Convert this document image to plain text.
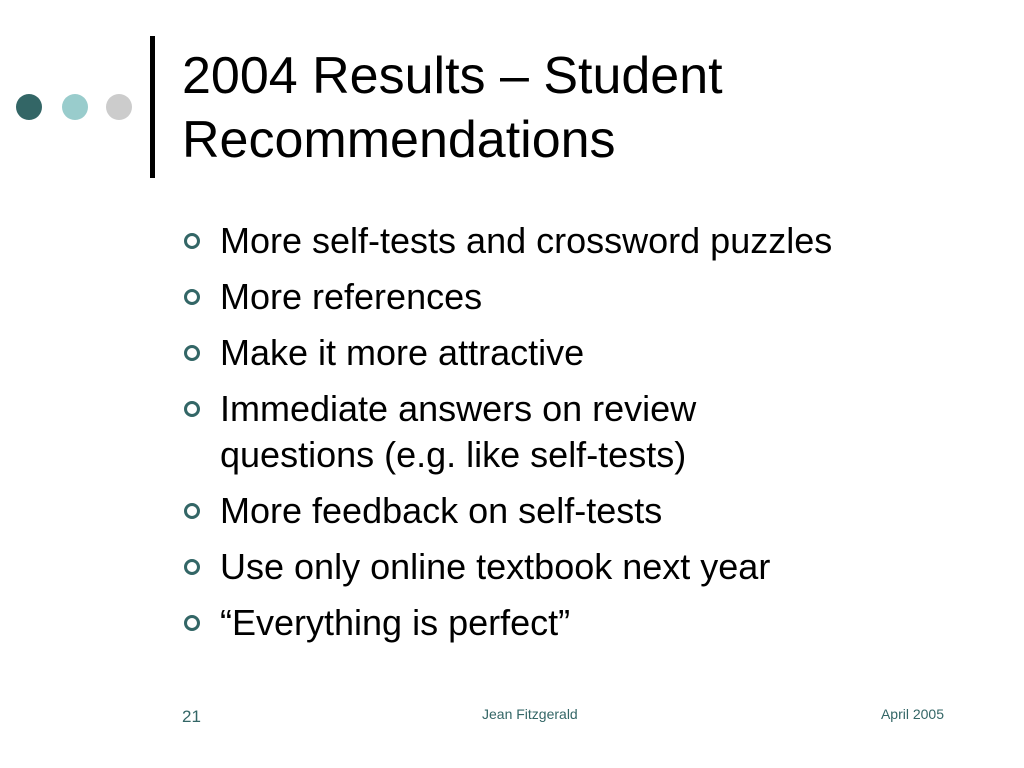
2004 Results – Student
Recommendations
More self-tests and crossword puzzles
More references
Make it more attractive
Immediate answers on review
questions (e.g. like self-tests)
More feedback on self-tests
Use only online textbook next year
“Everything is perfect”
21	Jean Fitzgerald	April 2005
